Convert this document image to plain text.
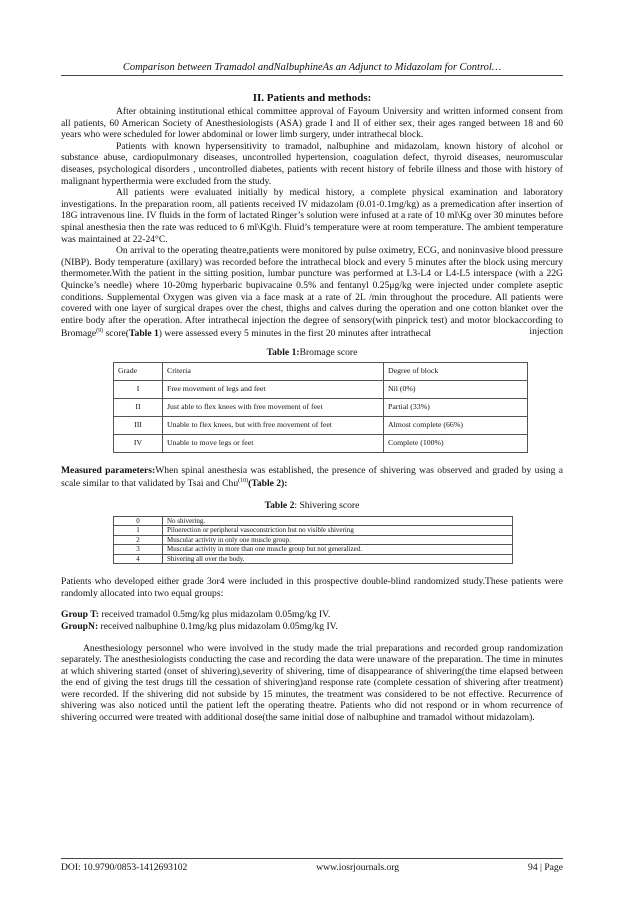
Comparison between Tramadol andNalbuphineAs an Adjunct to Midazolam for Control…
II. Patients and methods:

After obtaining institutional ethical committee approval of Fayoum University and written informed consent from all patients, 60 American Society of Anesthesiologists (ASA) grade I and II of either sex, their ages ranged between 18 and 60 years who were scheduled for lower abdominal or lower limb surgery, under intrathecal block.

Patients with known hypersensitivity to tramadol, nalbuphine and midazolam, known history of alcohol or substance abuse, cardiopulmonary diseases, uncontrolled hypertension, coagulation defect, thyroid diseases, neuromuscular diseases, psychological disorders , uncontrolled diabetes, patients with recent history of febrile illness and those with history of malignant hyperthermia were excluded from the study.

All patients were evaluated initially by medical history, a complete physical examination and laboratory investigations. In the preparation room, all patients received IV midazolam (0.01-0.1mg/kg) as a premedication after insertion of 18G intravenous line. IV fluids in the form of lactated Ringer’s solution were infused at a rate of 10 ml\Kg over 30 minutes before spinal anesthesia then the rate was reduced to 6 ml\Kg\h. Fluid’s temperature were at room temperature. The ambient temperature was maintained at 22-24°C.

On arrival to the operating theatre,patients were monitored by pulse oximetry, ECG, and noninvasive blood pressure (NIBP). Body temperature (axillary) was recorded before the intrathecal block and every 5 minutes after the block using mercury thermometer.With the patient in the sitting position, lumbar puncture was performed at L3-L4 or L4-L5 interspace (with a 22G Quincke’s needle) where 10-20mg hyperbaric bupivacaine 0.5% and fentanyl 0.25μg/kg were injected under complete aseptic conditions. Supplemental Oxygen was given via a face mask at a rate of 2L /min throughout the procedure. All patients were covered with one layer of surgical drapes over the chest, thighs and calves during the operation and one cotton blanket over the entire body after the operation. After intrathecal injection the degree of sensory(with pinprick test) and motor blockaccording to Bromage$^{(9)}$ score(Table 1) were assessed every 5 minutes in the first 20 minutes after intrathecal	injection

Table 1:Bromage score
Grade	Criteria	Degree of block
I	Free movement of legs and feet	Nil (0%)
II	Just able to flex knees with free movement of feet	Partial (33%)
III	Unable to flex knees, but with free movement of feet	Almost complete (66%)
IV	Unable to move legs or feet	Complete (100%)

Measured parameters:When spinal anesthesia was established, the presence of shivering was observed and graded by using a scale similar to that validated by Tsai and Chu$^{(10)}$(Table 2):

Table 2: Shivering score
0	No shivering.
1	Piloerection or peripheral vasoconstriction but no visible shivering
2	Muscular activity in only one muscle group.
3	Muscular activity in more than one muscle group but not generalized.
4	Shivering all over the body.

Patients who developed either grade 3or4 were included in this prospective double-blind randomized study.These patients were randomly allocated into two equal groups:

Group T: received tramadol 0.5mg/kg plus midazolam 0.05mg/kg IV.

GroupN: received nalbuphine 0.1mg/kg plus midazolam 0.05mg/kg IV.

Anesthesiology personnel who were involved in the study made the trial preparations and recorded group randomization separately. The anesthesiologists conducting the case and recording the data were unaware of the preparation. The time in minutes at which shivering started (onset of shivering),severity of shivering, time of disappearance of shivering(the time elapsed between the end of giving the test drugs till the cessation of shivering)and response rate (complete cessation of shivering after treatment) were recorded. If the shivering did not subside by 15 minutes, the treatment was considered to be not effective. Recurrence of shivering was also noticed until the patient left the operating theatre. Patients who did not respond or in whom recurrence of shivering occurred were treated with additional dose(the same initial dose of nalbuphine and tramadol without midazolam).

DOI: 10.9790/0853-1412693102	www.iosrjournals.org	94 | Page
